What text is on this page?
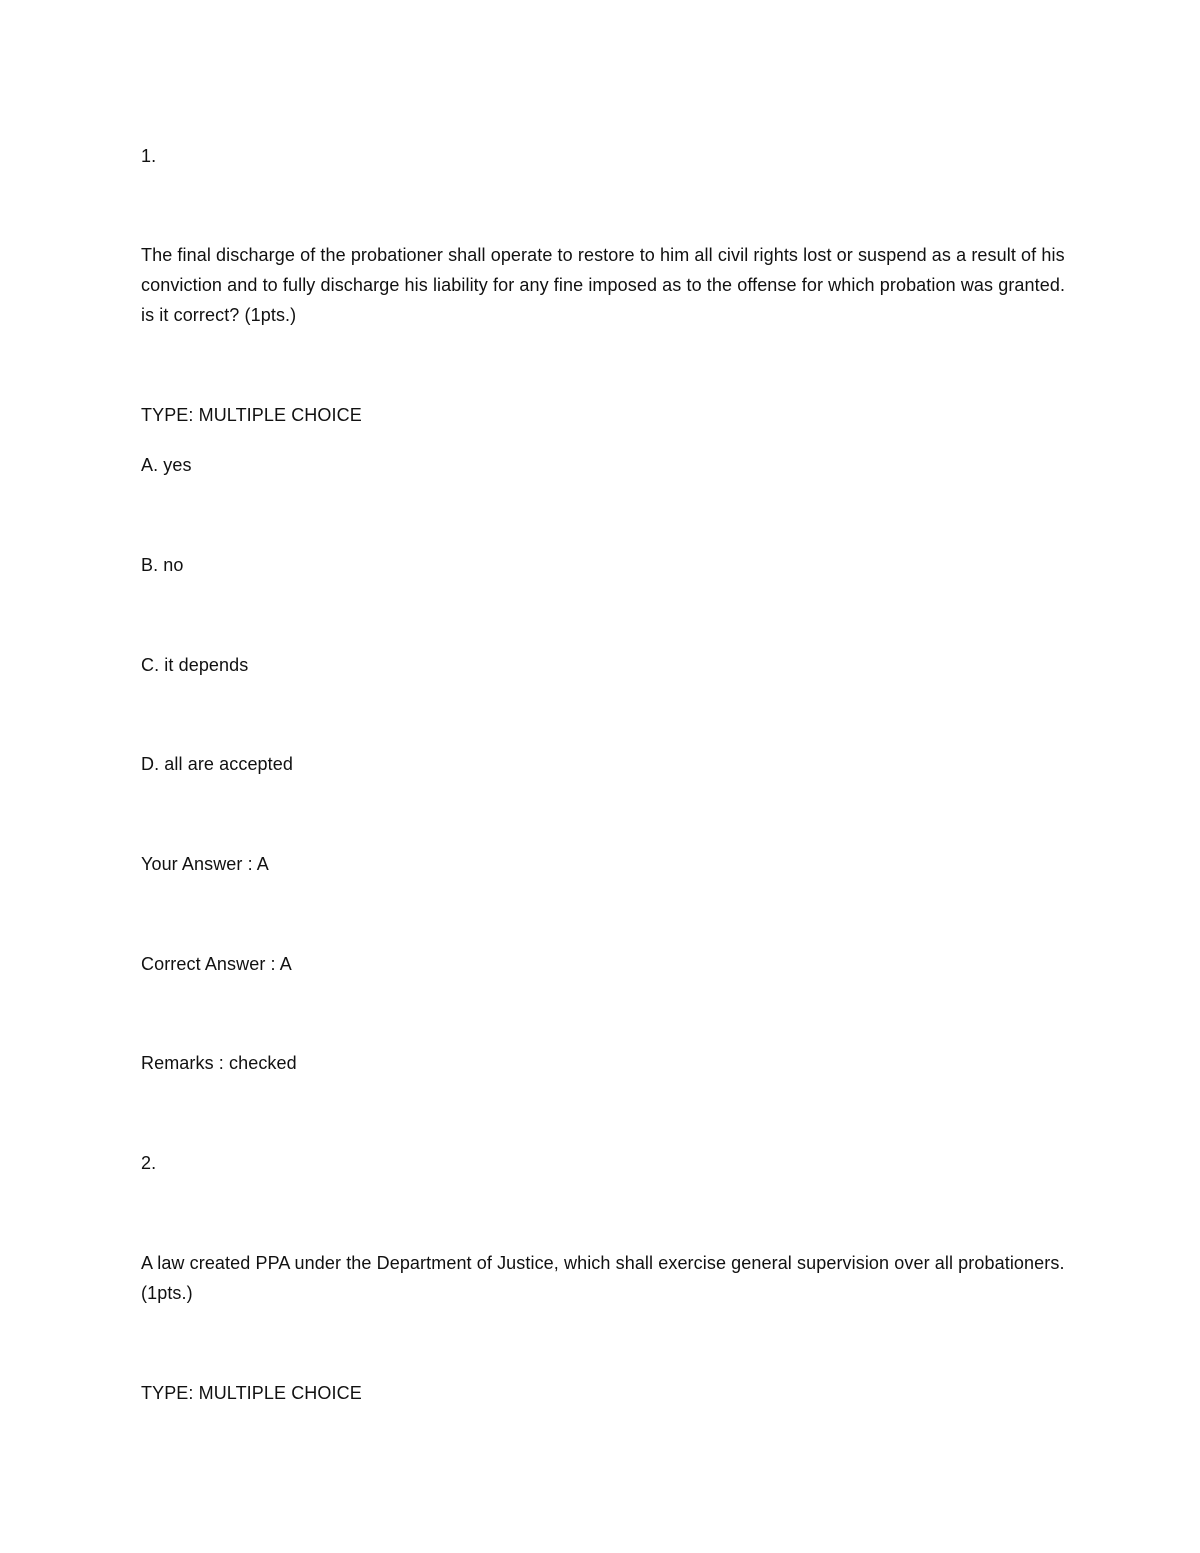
1.
The final discharge of the probationer shall operate to restore to him all civil rights lost or suspend as a result of his conviction and to fully discharge his liability for any fine imposed as to the offense for which probation was granted. is it correct? (1pts.)
TYPE: MULTIPLE CHOICE
A. yes
B. no
C. it depends
D. all are accepted
Your Answer : A
Correct Answer : A
Remarks : checked
2.
A law created PPA under the Department of Justice, which shall exercise general supervision over all probationers. (1pts.)
TYPE: MULTIPLE CHOICE
